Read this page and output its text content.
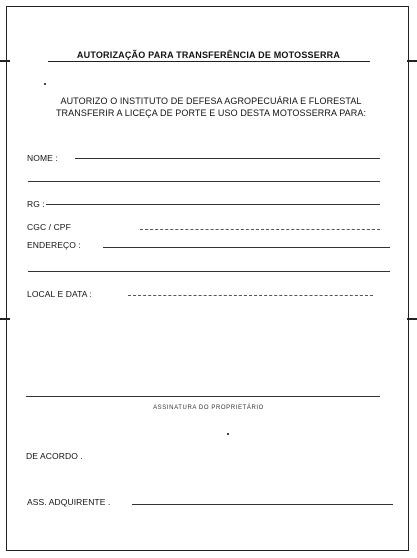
AUTORIZAÇÃO PARA TRANSFERÊNCIA DE MOTOSSERRA
AUTORIZO O INSTITUTO DE DEFESA AGROPECUÁRIA E FLORESTAL
TRANSFERIR A LICEÇA DE PORTE E USO DESTA MOTOSSERRA PARA:
NOME :
RG :
CGC / CPF
ENDEREÇO :
LOCAL E DATA :
ASSINATURA DO PROPRIETÁRIO
DE ACORDO .
ASS. ADQUIRENTE .
